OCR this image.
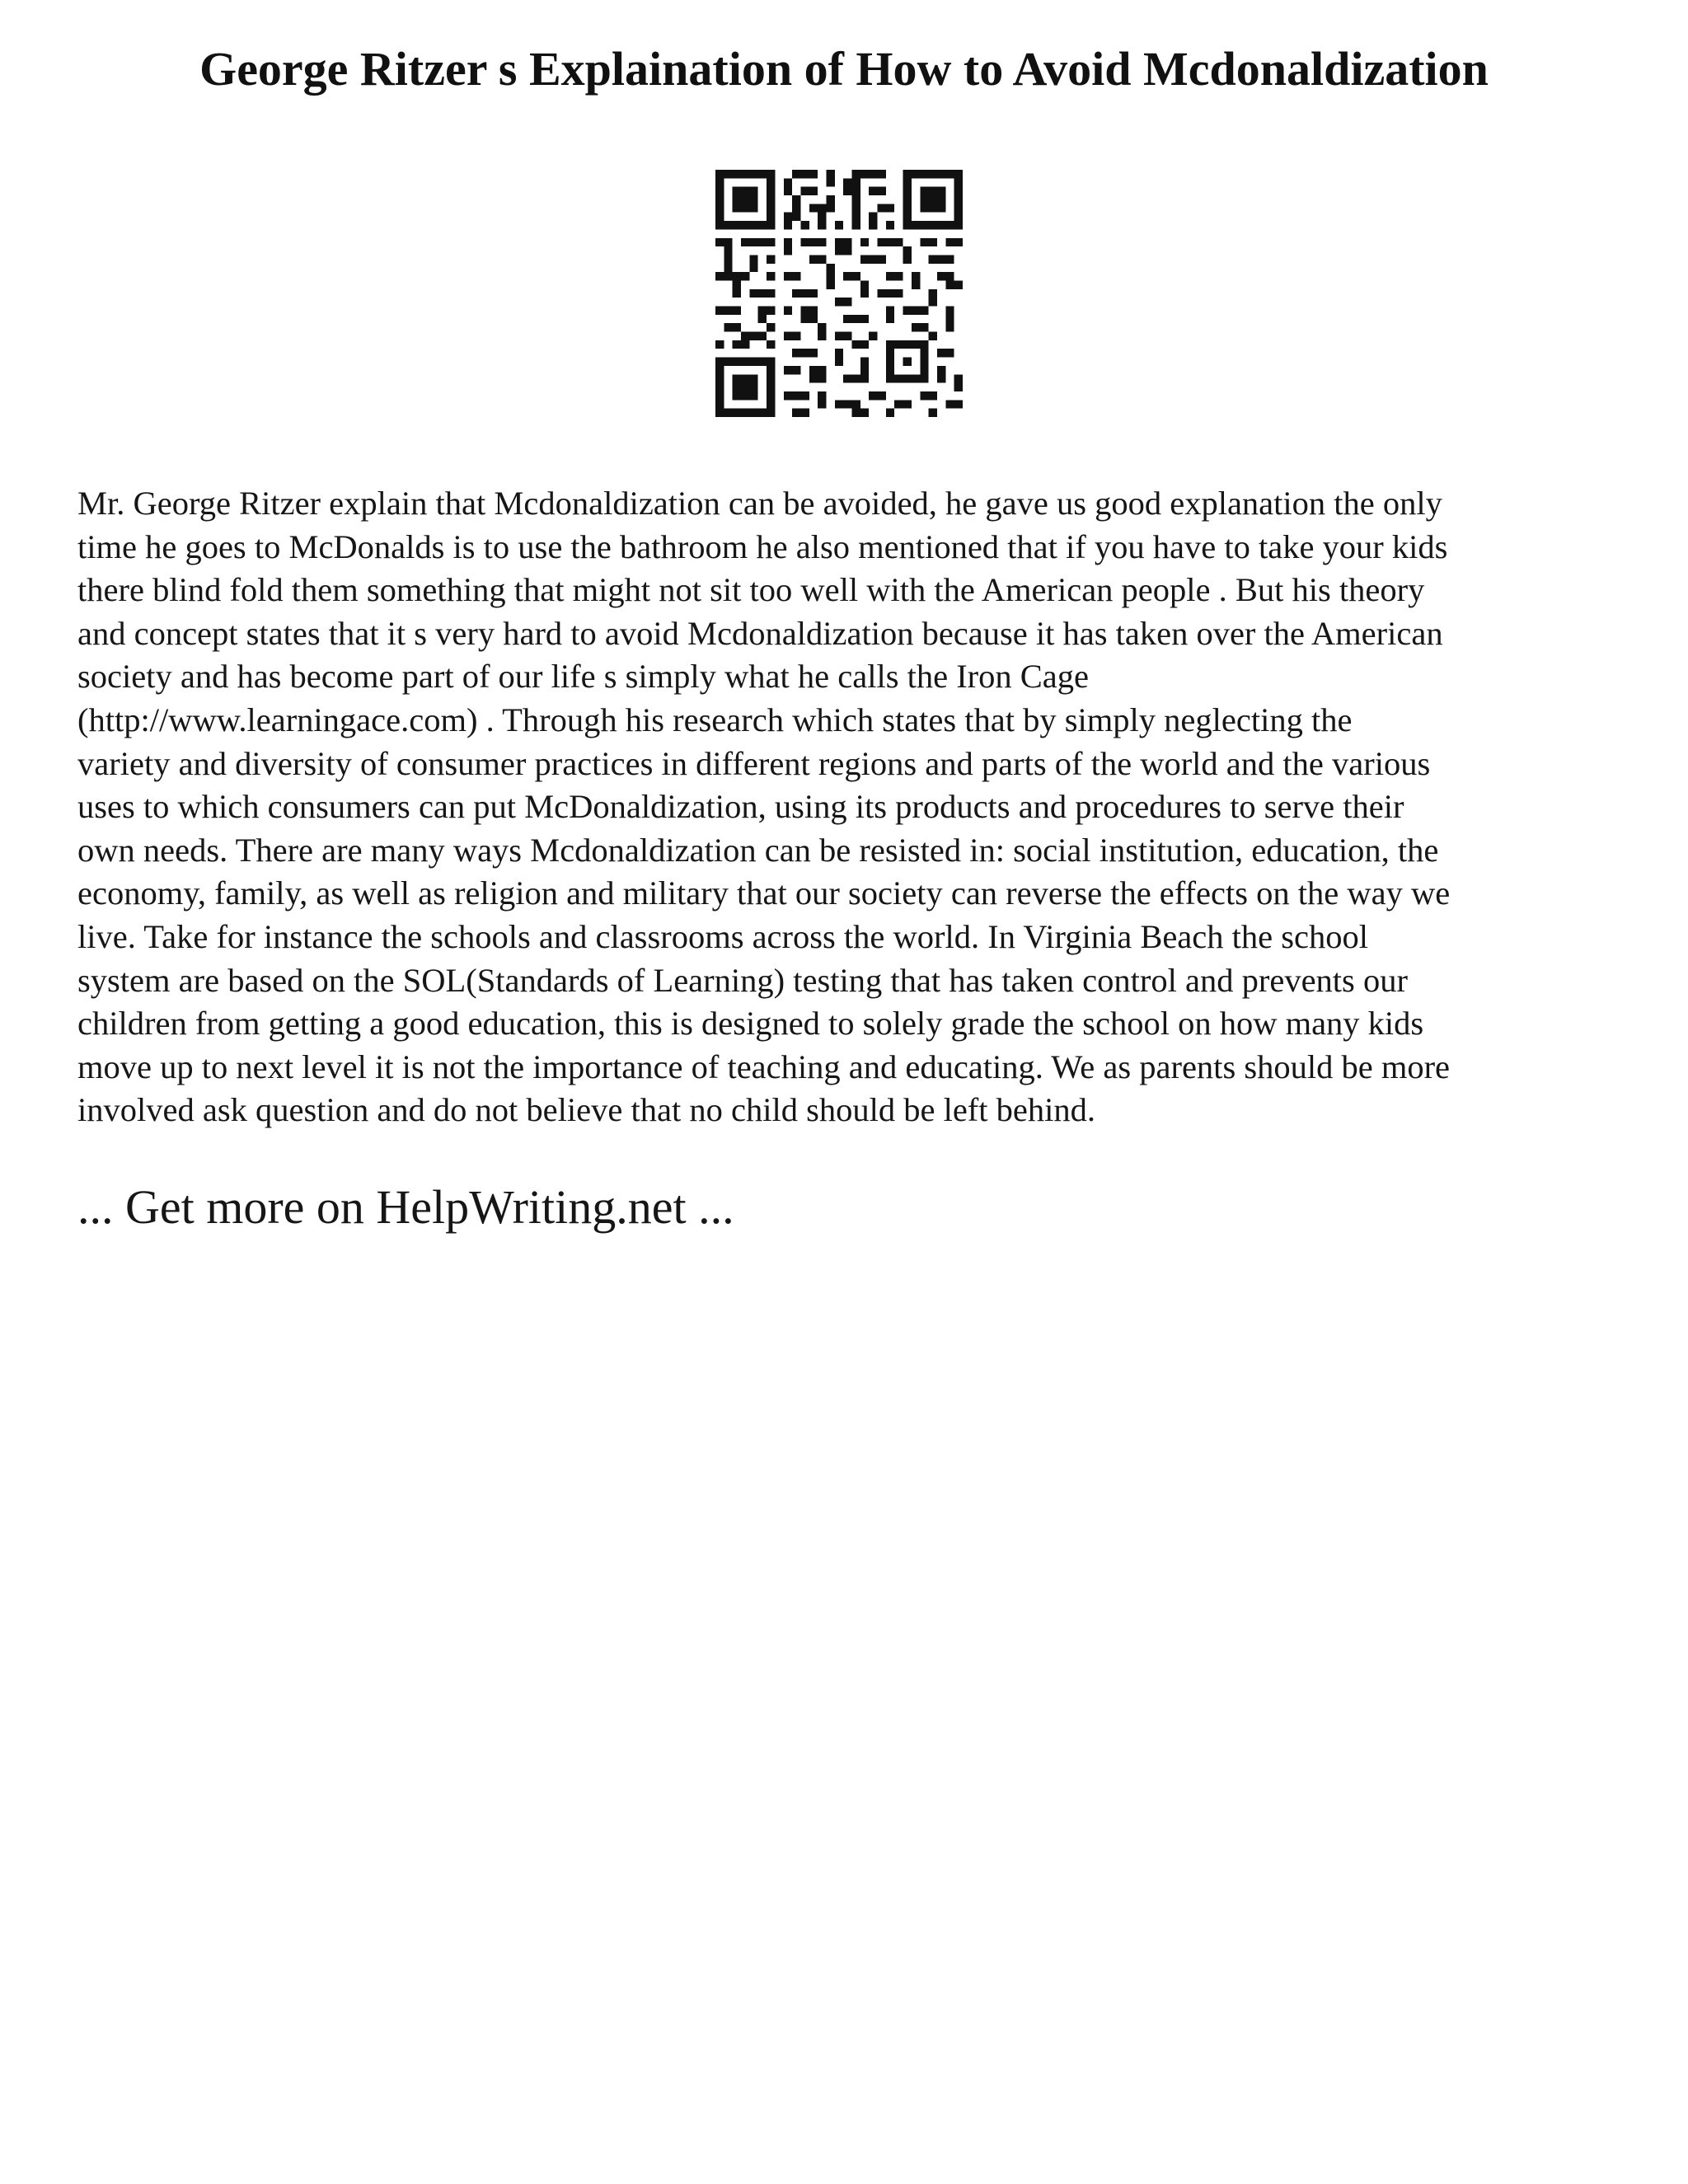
George Ritzer s Explaination of How to Avoid Mcdonaldization
Mr. George Ritzer explain that Mcdonaldization can be avoided, he gave us good explanation the only
time he goes to McDonalds is to use the bathroom he also mentioned that if you have to take your kids
there blind fold them something that might not sit too well with the American people . But his theory
and concept states that it s very hard to avoid Mcdonaldization because it has taken over the American
society and has become part of our life s simply what he calls the Iron Cage
(http://www.learningace.com) . Through his research which states that by simply neglecting the
variety and diversity of consumer practices in different regions and parts of the world and the various
uses to which consumers can put McDonaldization, using its products and procedures to serve their
own needs. There are many ways Mcdonaldization can be resisted in: social institution, education, the
economy, family, as well as religion and military that our society can reverse the effects on the way we
live. Take for instance the schools and classrooms across the world. In Virginia Beach the school
system are based on the SOL(Standards of Learning) testing that has taken control and prevents our
children from getting a good education, this is designed to solely grade the school on how many kids
move up to next level it is not the importance of teaching and educating. We as parents should be more
involved ask question and do not believe that no child should be left behind.

... Get more on HelpWriting.net ...
